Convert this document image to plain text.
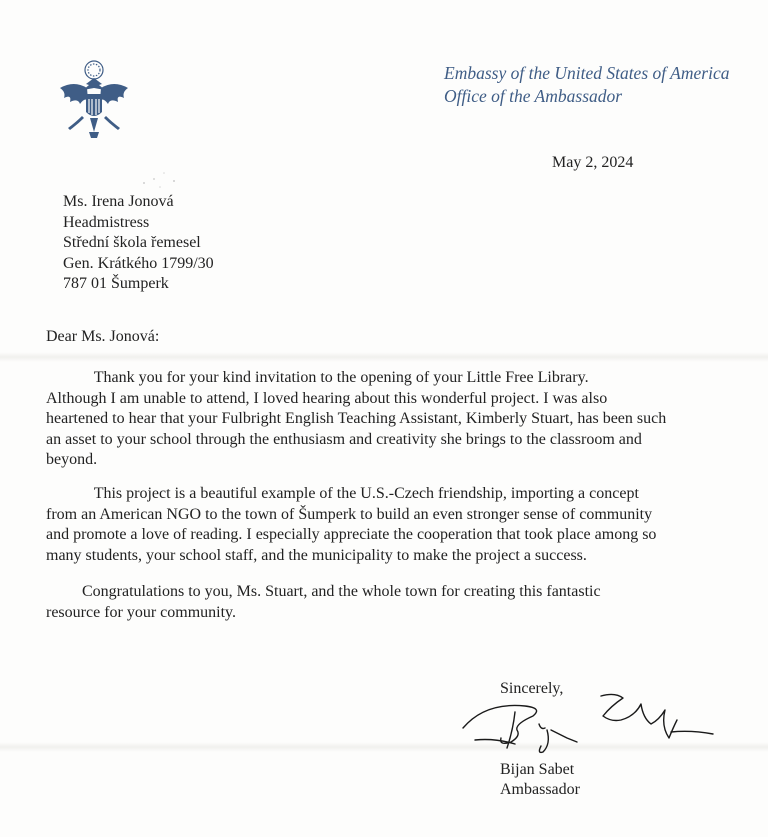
Embassy of the United States of America
Office of the Ambassador
May 2, 2024
Ms. Irena Jonová
Headmistress
Střední škola řemesel
Gen. Krátkého 1799/30
787 01 Šumperk
Dear Ms. Jonová:
Thank you for your kind invitation to the opening of your Little Free Library.
Although I am unable to attend, I loved hearing about this wonderful project. I was also
heartened to hear that your Fulbright English Teaching Assistant, Kimberly Stuart, has been such
an asset to your school through the enthusiasm and creativity she brings to the classroom and
beyond.
This project is a beautiful example of the U.S.-Czech friendship, importing a concept
from an American NGO to the town of Šumperk to build an even stronger sense of community
and promote a love of reading. I especially appreciate the cooperation that took place among so
many students, your school staff, and the municipality to make the project a success.
Congratulations to you, Ms. Stuart, and the whole town for creating this fantastic
resource for your community.
Sincerely,
Bijan Sabet
Ambassador
